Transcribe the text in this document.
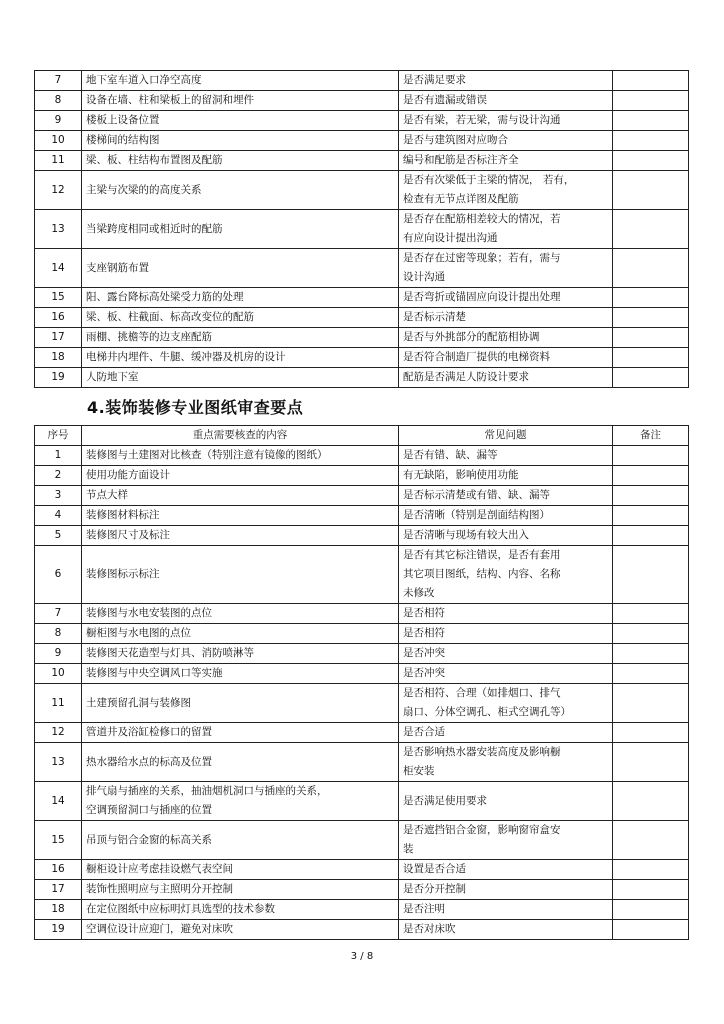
7	地下室车道入口净空高度	是否满足要求	
8	设备在墙、柱和梁板上的留洞和埋件	是否有遗漏或错误	
9	楼板上设备位置	是否有梁，若无梁，需与设计沟通	
10	楼梯间的结构图	是否与建筑图对应吻合	
11	梁、板、柱结构布置图及配筋	编号和配筋是否标注齐全	
12	主梁与次梁的的高度关系	是否有次梁低于主梁的情况， 若有，
检查有无节点详图及配筋	
13	当梁跨度相同或相近时的配筋	是否存在配筋相差较大的情况，若
有应向设计提出沟通	
14	支座钢筋布置	是否存在过密等现象；若有，需与
设计沟通	
15	阳、露台降标高处梁受力筋的处理	是否弯折或锚固应向设计提出处理	
16	梁、板、柱截面、标高改变位的配筋	是否标示清楚	
17	雨棚、挑檐等的边支座配筋	是否与外挑部分的配筋相协调	
18	电梯井内埋件、牛腿、缓冲器及机房的设计	是否符合制造厂提供的电梯资料	
19	人防地下室	配筋是否满足人防设计要求	
4.装饰装修专业图纸审查要点
序号	重点需要核查的内容	常见问题	备注
1	装修图与土建图对比核查（特别注意有镜像的图纸）	是否有错、缺、漏等	
2	使用功能方面设计	有无缺陷，影响使用功能	
3	节点大样	是否标示清楚或有错、缺、漏等	
4	装修图材料标注	是否清晰（特别是剖面结构图）	
5	装修图尺寸及标注	是否清晰与现场有较大出入	
6	装修图标示标注	是否有其它标注错误，是否有套用
其它项目图纸，结构、内容、名称
未修改	
7	装修图与水电安装图的点位	是否相符	
8	橱柜图与水电图的点位	是否相符	
9	装修图天花造型与灯具、消防喷淋等	是否冲突	
10	装修图与中央空调风口等实施	是否冲突	
11	土建预留孔洞与装修图	是否相符、合理（如排烟口、排气
扇口、分体空调孔、柜式空调孔等）	
12	管道井及浴缸检修口的留置	是否合适	
13	热水器给水点的标高及位置	是否影响热水器安装高度及影响橱
柜安装	
14	排气扇与插座的关系，抽油烟机洞口与插座的关系，
空调预留洞口与插座的位置	是否满足使用要求	
15	吊顶与铝合金窗的标高关系	是否遮挡铝合金窗，影响窗帘盒安
装	
16	橱柜设计应考虑挂设燃气表空间	设置是否合适	
17	装饰性照明应与主照明分开控制	是否分开控制	
18	在定位图纸中应标明灯具选型的技术参数	是否注明	
19	空调位设计应迎门，避免对床吹	是否对床吹	
3 / 8
